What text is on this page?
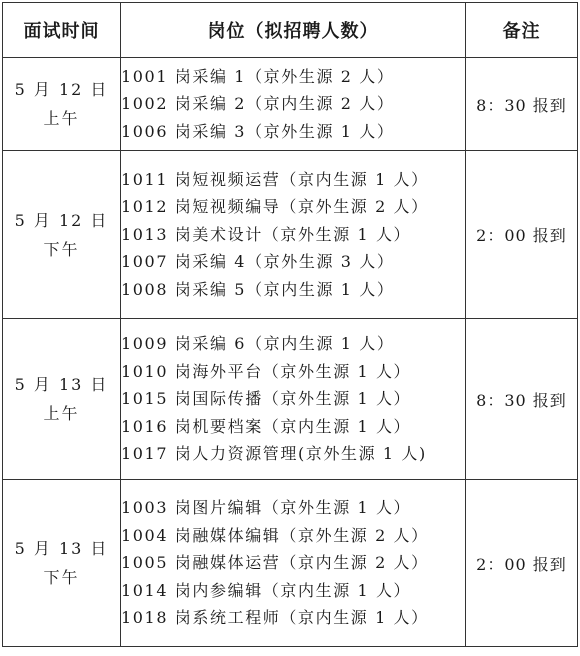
面试时间	岗位（拟招聘人数）	备注

5 月 12 日
上午	1001 岗采编 1（京外生源 2 人）
1002 岗采编 2（京内生源 2 人）
1006 岗采编 3（京外生源 1 人）	8：30 报到

5 月 12 日
下午	1011 岗短视频运营（京内生源 1 人）
1012 岗短视频编导（京外生源 2 人）
1013 岗美术设计（京外生源 1 人）
1007 岗采编 4（京外生源 3 人）
1008 岗采编 5（京内生源 1 人）	2：00 报到

5 月 13 日
上午	1009 岗采编 6（京内生源 1 人）
1010 岗海外平台（京外生源 1 人）
1015 岗国际传播（京外生源 1 人）
1016 岗机要档案（京内生源 1 人）
1017 岗人力资源管理(京外生源 1 人)	8：30 报到

5 月 13 日
下午	1003 岗图片编辑（京外生源 1 人）
1004 岗融媒体编辑（京外生源 2 人）
1005 岗融媒体运营（京内生源 2 人）
1014 岗内参编辑（京内生源 1 人）
1018 岗系统工程师（京内生源 1 人）	2：00 报到
